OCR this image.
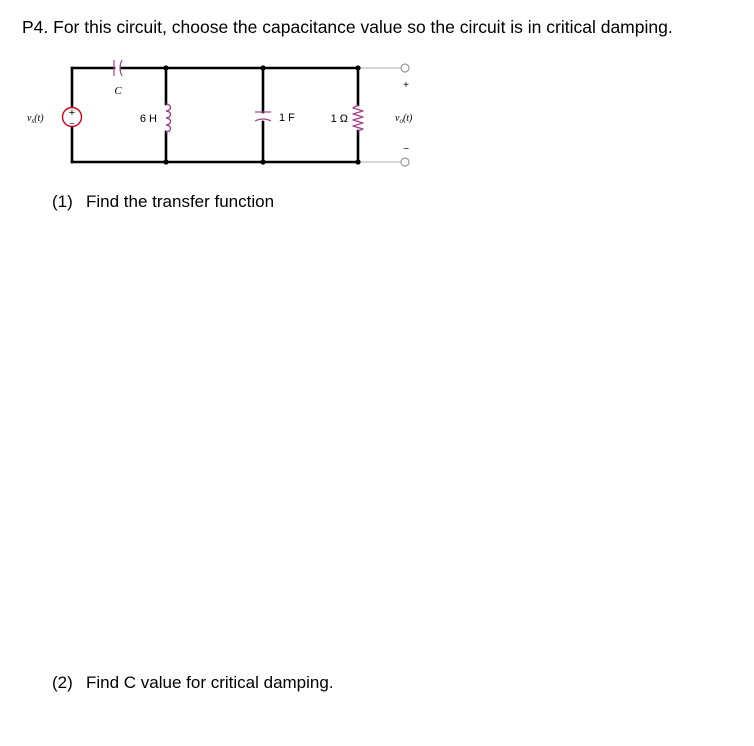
P4. For this circuit, choose the capacitance value so the circuit is in critical damping.
C
+
−
$v_s(t)$	6 H	1 F	1 Ω
+
−
$v_o(t)$
(1) Find the transfer function
(2) Find C value for critical damping.
